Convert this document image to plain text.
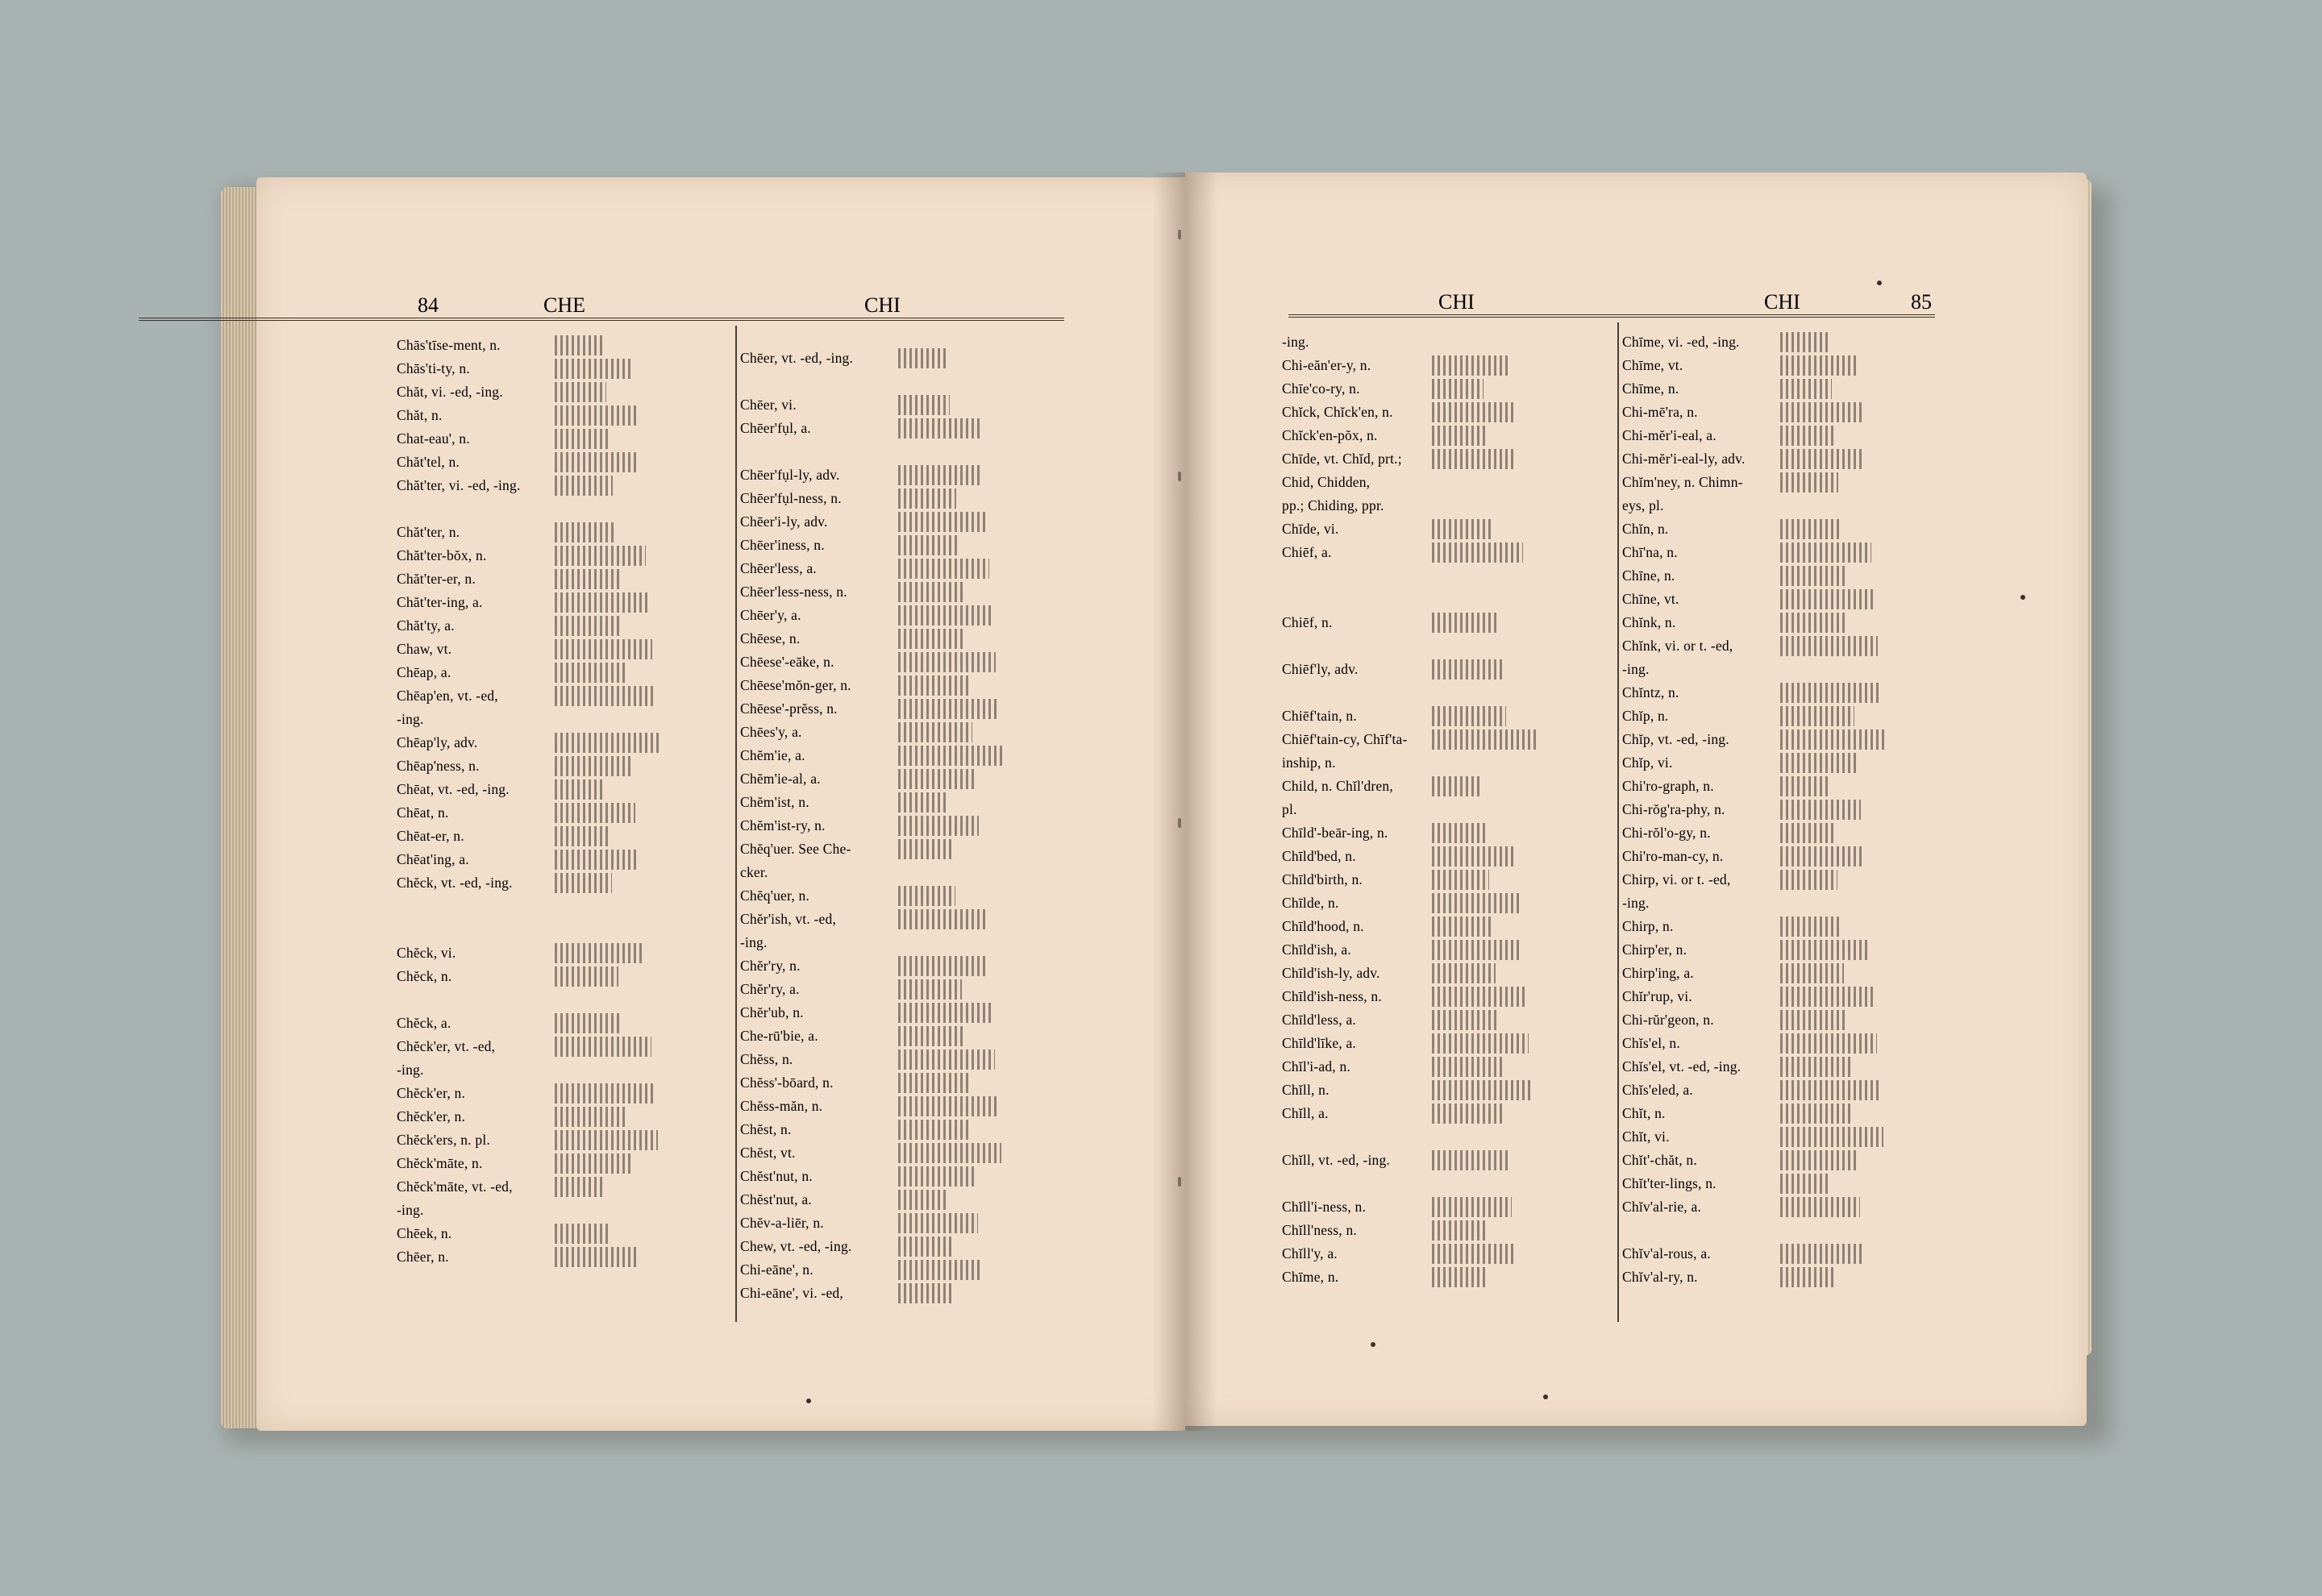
84	CHE	CHI	CHI	CHI	85
Chās'tīse-ment, n.
Chās'ti-ty, n.
Chăt, vi. -ed, -ing.
Chăt, n.
Chat-eau', n.
Chăt'tel, n.
Chăt'ter, vi. -ed, -ing.
Chăt'ter, n.
Chăt'ter-bŏx, n.
Chăt'ter-er, n.
Chăt'ter-ing, a.
Chăt'ty, a.
Chaw, vt.
Chēap, a.
Chēap'en, vt. -ed,
-ing.
Chēap'ly, adv.
Chēap'ness, n.
Chēat, vt. -ed, -ing.
Chēat, n.
Chēat-er, n.
Chēat'ing, a.
Chĕck, vt. -ed, -ing.
Chĕck, vi.
Chĕck, n.
Chĕck, a.
Chĕck'er, vt. -ed,
-ing.
Chĕck'er, n.
Chĕck'er, n.
Chĕck'ers, n. pl.
Chĕck'māte, n.
Chĕck'māte, vt. -ed,
-ing.
Chēek, n.
Chēer, n.
Chēer, vt. -ed, -ing.
Chēer, vi.
Chēer'fụl, a.
Chēer'fụl-ly, adv.
Chēer'fụl-ness, n.
Chēer'i-ly, adv.
Chēer'iness, n.
Chēer'less, a.
Chēer'less-ness, n.
Chēer'y, a.
Chēese, n.
Chēese'-eāke, n.
Chēese'mŏn-ger, n.
Chēese'-prĕss, n.
Chēes'y, a.
Chĕm'ie, a.
Chĕm'ie-al, a.
Chĕm'ist, n.
Chĕm'ist-ry, n.
Chĕq'uer. See Che-
cker.
Chĕq'uer, n.
Chĕr'ish, vt. -ed,
-ing.
Chĕr'ry, n.
Chĕr'ry, a.
Chĕr'ub, n.
Che-rū'bie, a.
Chĕss, n.
Chĕss'-bōard, n.
Chĕss-măn, n.
Chĕst, n.
Chĕst, vt.
Chĕst'nut, n.
Chĕst'nut, a.
Chĕv-a-liēr, n.
Chew, vt. -ed, -ing.
Chi-eāne', n.
Chi-eāne', vi. -ed,
-ing.
Chi-eăn'er-y, n.
Chīe'co-ry, n.
Chĭck, Chĭck'en, n.
Chĭck'en-pŏx, n.
Chīde, vt. Chĭd, prt.;
Chid, Chidden,
pp.; Chiding, ppr.
Chīde, vi.
Chiēf, a.
Chiēf, n.
Chiēf'ly, adv.
Chiēf'tain, n.
Chiēf'tain-cy, Chīf'ta-
inship, n.
Child, n. Chĭl'dren,
pl.
Chīld'-beār-ing, n.
Chīld'bed, n.
Chīld'birth, n.
Chīlde, n.
Chīld'hood, n.
Chīld'ish, a.
Chīld'ish-ly, adv.
Chīld'ish-ness, n.
Chīld'less, a.
Chīld'līke, a.
Chĭl'i-ad, n.
Chĭll, n.
Chĭll, a.
Chĭll, vt. -ed, -ing.
Chĭll'i-ness, n.
Chĭll'ness, n.
Chĭll'y, a.
Chīme, n.
Chīme, vi. -ed, -ing.
Chīme, vt.
Chīme, n.
Chi-mē'ra, n.
Chi-mĕr'i-eal, a.
Chi-mĕr'i-eal-ly, adv.
Chĭm'ney, n. Chimn-
eys, pl.
Chĭn, n.
Chī'na, n.
Chīne, n.
Chīne, vt.
Chĭnk, n.
Chĭnk, vi. or t. -ed,
-ing.
Chĭntz, n.
Chĭp, n.
Chĭp, vt. -ed, -ing.
Chĭp, vi.
Chi'ro-graph, n.
Chi-rŏg'ra-phy, n.
Chi-rŏl'o-gy, n.
Chi'ro-man-cy, n.
Chirp, vi. or t. -ed,
-ing.
Chirp, n.
Chirp'er, n.
Chirp'ing, a.
Chĭr'rup, vi.
Chi-rŭr'geon, n.
Chĭs'el, n.
Chĭs'el, vt. -ed, -ing.
Chĭs'eled, a.
Chĭt, n.
Chĭt, vi.
Chĭt'-chăt, n.
Chĭt'ter-lings, n.
Chĭv'al-rie, a.
Chĭv'al-rous, a.
Chĭv'al-ry, n.
